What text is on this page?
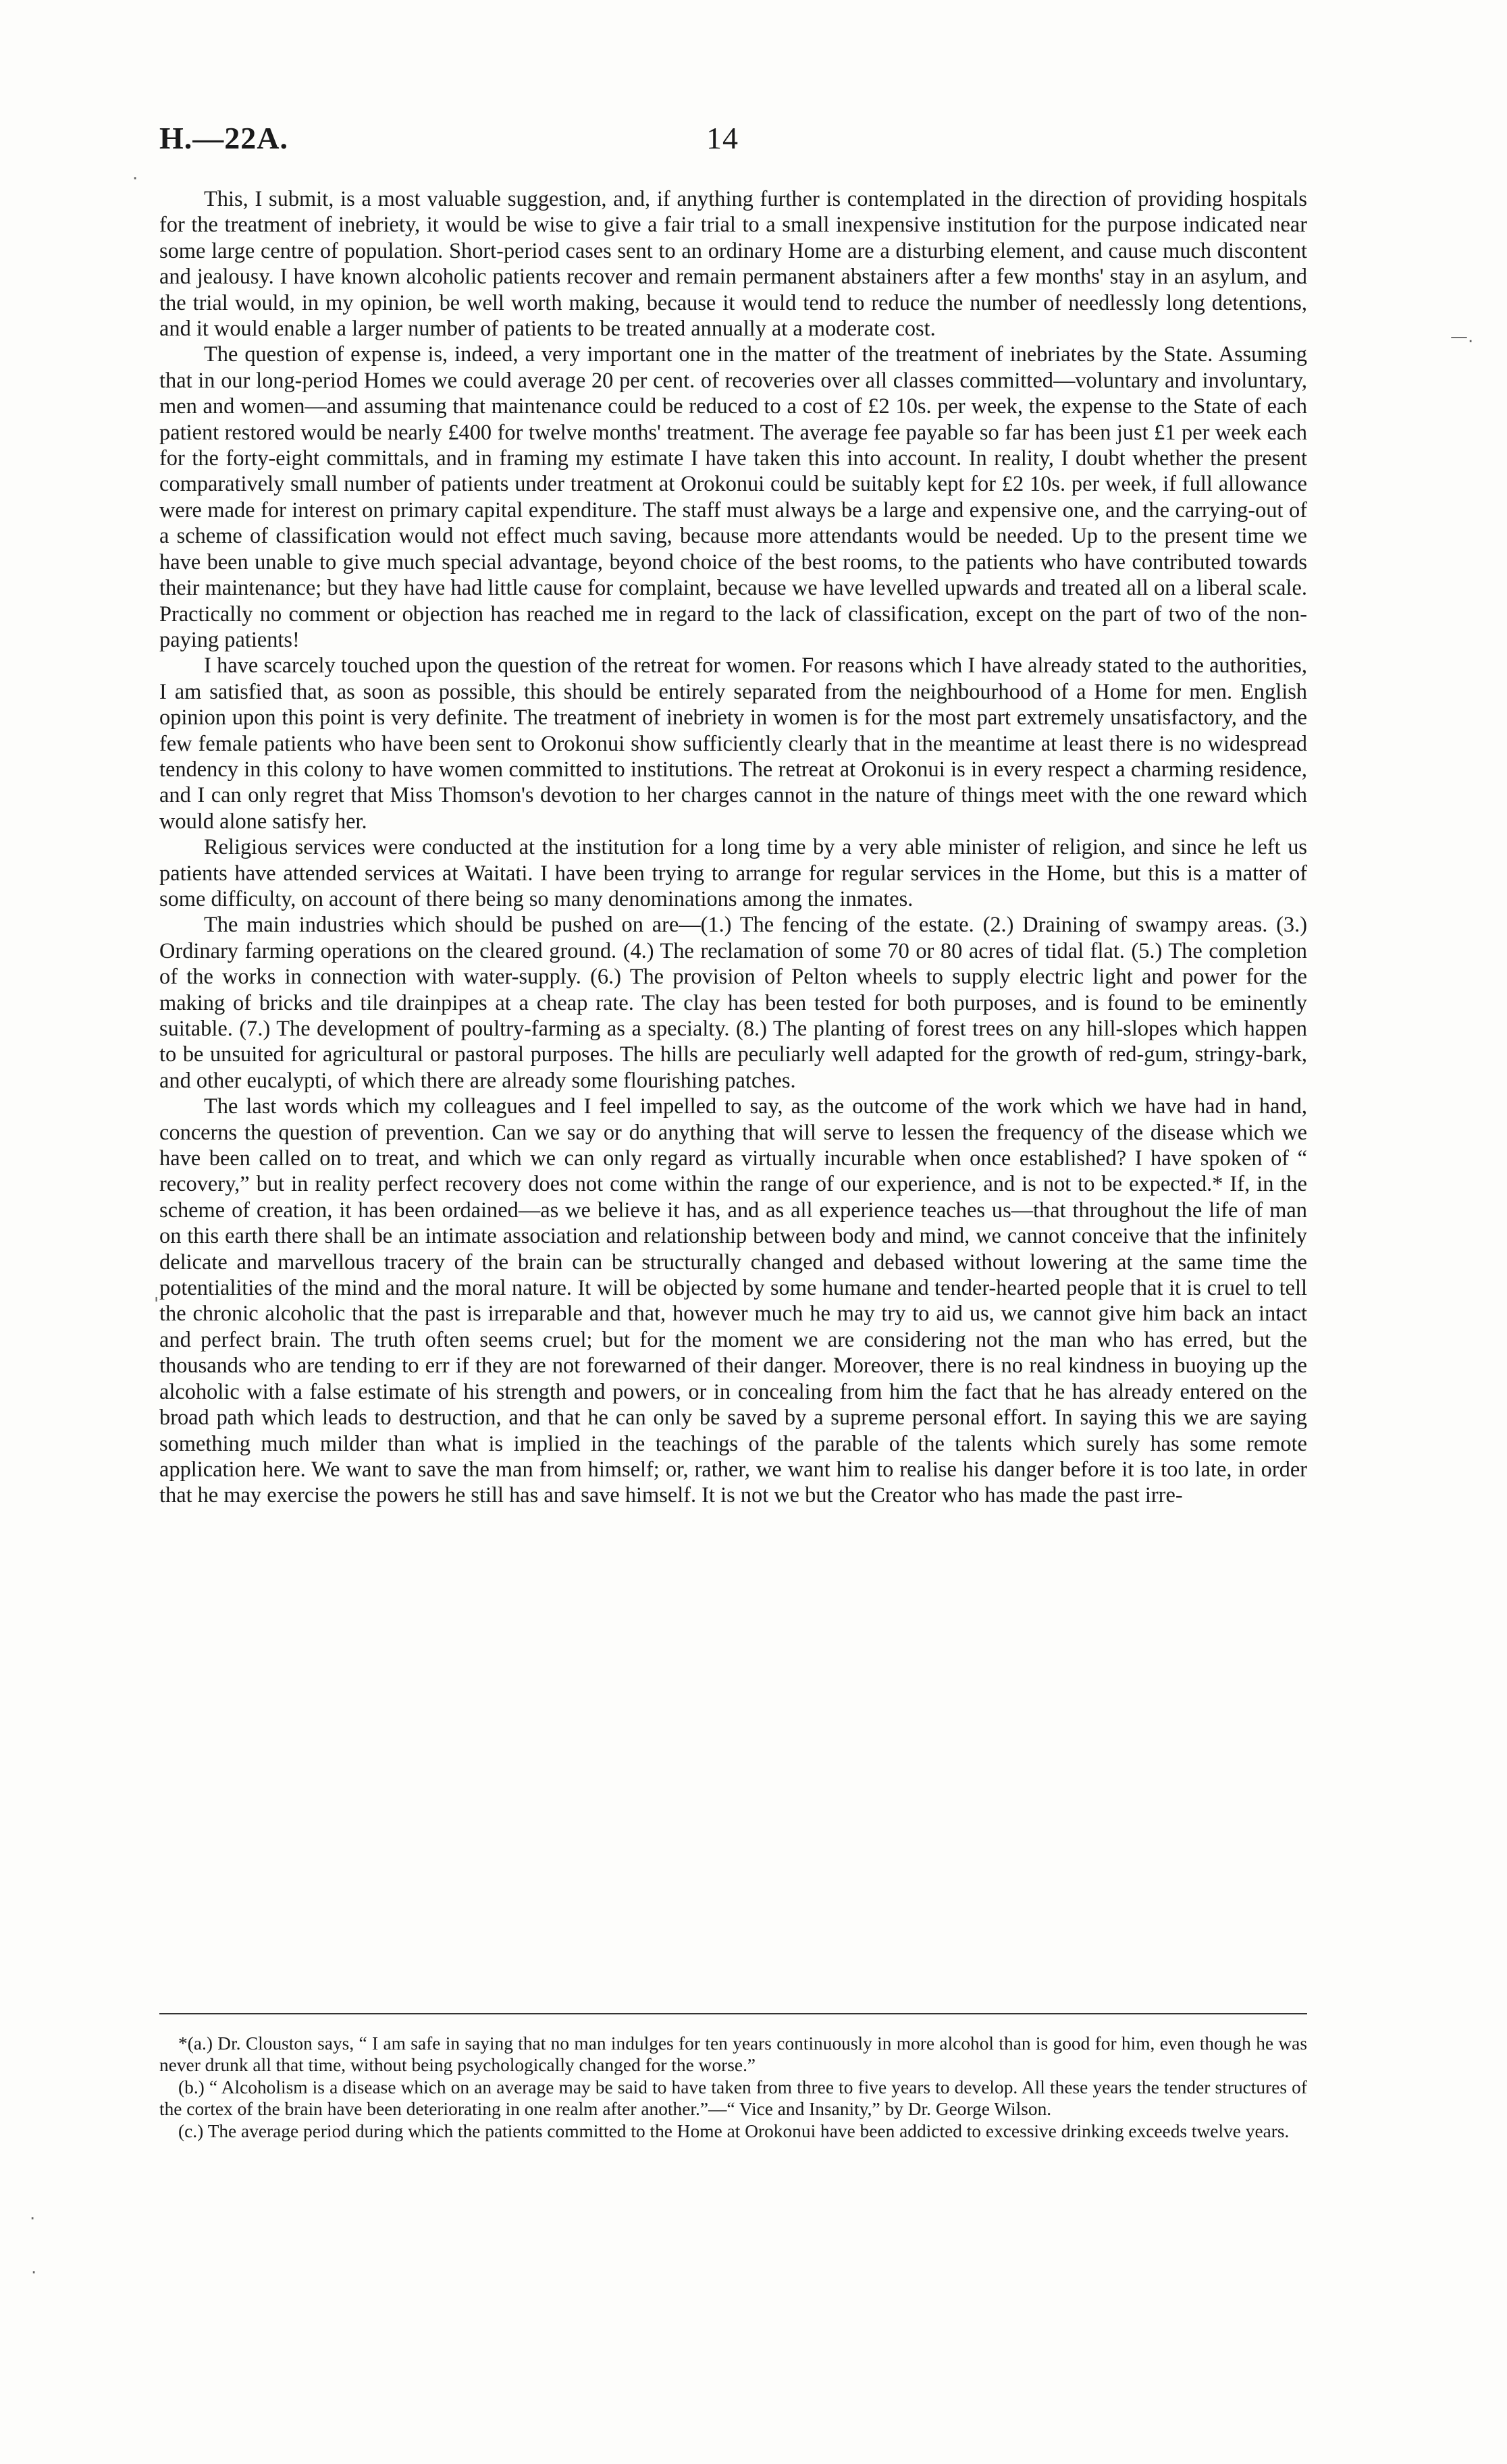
H.—22A.	14
·

This, I submit, is a most valuable suggestion, and, if anything further is contemplated in the direction of providing hospitals for the treatment of inebriety, it would be wise to give a fair trial to a small inexpensive institution for the purpose indicated near some large centre of population. Short-period cases sent to an ordinary Home are a disturbing element, and cause much discontent and jealousy. I have known alcoholic patients recover and remain permanent abstainers after a few months' stay in an asylum, and the trial would, in my opinion, be well worth making, because it would tend to reduce the number of needlessly long detentions, and it would enable a larger number of patients to be treated annually at a moderate cost.

The question of expense is, indeed, a very important one in the matter of the treatment of inebriates by the State. Assuming that in our long-period Homes we could average 20 per cent. of recoveries over all classes committed—voluntary and involuntary, men and women—and assuming that maintenance could be reduced to a cost of £2 10s. per week, the expense to the State of each patient restored would be nearly £400 for twelve months' treatment. The average fee payable so far has been just £1 per week each for the forty-eight committals, and in framing my estimate I have taken this into account. In reality, I doubt whether the present comparatively small number of patients under treatment at Orokonui could be suitably kept for £2 10s. per week, if full allowance were made for interest on primary capital expenditure. The staff must always be a large and expensive one, and the carrying-out of a scheme of classification would not effect much saving, because more attendants would be needed. Up to the present time we have been unable to give much special advantage, beyond choice of the best rooms, to the patients who have contributed towards their maintenance; but they have had little cause for complaint, because we have levelled upwards and treated all on a liberal scale. Practically no comment or objection has reached me in regard to the lack of classification, except on the part of two of the non-paying patients!

I have scarcely touched upon the question of the retreat for women. For reasons which I have already stated to the authorities, I am satisfied that, as soon as possible, this should be entirely separated from the neighbourhood of a Home for men. English opinion upon this point is very definite. The treatment of inebriety in women is for the most part extremely unsatisfactory, and the few female patients who have been sent to Orokonui show sufficiently clearly that in the meantime at least there is no widespread tendency in this colony to have women committed to institutions. The retreat at Orokonui is in every respect a charming residence, and I can only regret that Miss Thomson's devotion to her charges cannot in the nature of things meet with the one reward which would alone satisfy her.

Religious services were conducted at the institution for a long time by a very able minister of religion, and since he left us patients have attended services at Waitati. I have been trying to arrange for regular services in the Home, but this is a matter of some difficulty, on account of there being so many denominations among the inmates.

The main industries which should be pushed on are—(1.) The fencing of the estate. (2.) Draining of swampy areas. (3.) Ordinary farming operations on the cleared ground. (4.) The reclamation of some 70 or 80 acres of tidal flat. (5.) The completion of the works in connection with water-supply. (6.) The provision of Pelton wheels to supply electric light and power for the making of bricks and tile drainpipes at a cheap rate. The clay has been tested for both purposes, and is found to be eminently suitable. (7.) The development of poultry-farming as a specialty. (8.) The planting of forest trees on any hill-slopes which happen to be unsuited for agricultural or pastoral purposes. The hills are peculiarly well adapted for the growth of red-gum, stringy-bark, and other eucalypti, of which there are already some flourishing patches.

The last words which my colleagues and I feel impelled to say, as the outcome of the work which we have had in hand, concerns the question of prevention. Can we say or do anything that will serve to lessen the frequency of the disease which we have been called on to treat, and which we can only regard as virtually incurable when once established? I have spoken of “ recovery,” but in reality perfect recovery does not come within the range of our experience, and is not to be expected.* If, in the scheme of creation, it has been ordained—as we believe it has, and as all experience teaches us—that throughout the life of man on this earth there shall be an intimate association and relationship between body and mind, we cannot conceive that the infinitely delicate and marvellous tracery of the brain can be structurally changed and debased without lowering at the same time the potentialities of the mind and the moral nature. It will be objected by some humane and tender-hearted people that it is cruel to tell the chronic alcoholic that the past is irreparable and that, however much he may try to aid us, we cannot give him back an intact and perfect brain. The truth often seems cruel; but for the moment we are considering not the man who has erred, but the thousands who are tending to err if they are not forewarned of their danger. Moreover, there is no real kindness in buoying up the alcoholic with a false estimate of his strength and powers, or in concealing from him the fact that he has already entered on the broad path which leads to destruction, and that he can only be saved by a supreme personal effort. In saying this we are saying something much milder than what is implied in the teachings of the parable of the talents which surely has some remote application here. We want to save the man from himself; or, rather, we want him to realise his danger before it is too late, in order that he may exercise the powers he still has and save himself. It is not we but the Creator who has made the past irre-

—.
'

*(a.) Dr. Clouston says, “ I am safe in saying that no man indulges for ten years continuously in more alcohol than is good for him, even though he was never drunk all that time, without being psychologically changed for the worse.”

(b.) “ Alcoholism is a disease which on an average may be said to have taken from three to five years to develop. All these years the tender structures of the cortex of the brain have been deteriorating in one realm after another.”—“ Vice and Insanity,” by Dr. George Wilson.

(c.) The average period during which the patients committed to the Home at Orokonui have been addicted to excessive drinking exceeds twelve years.

·
·
